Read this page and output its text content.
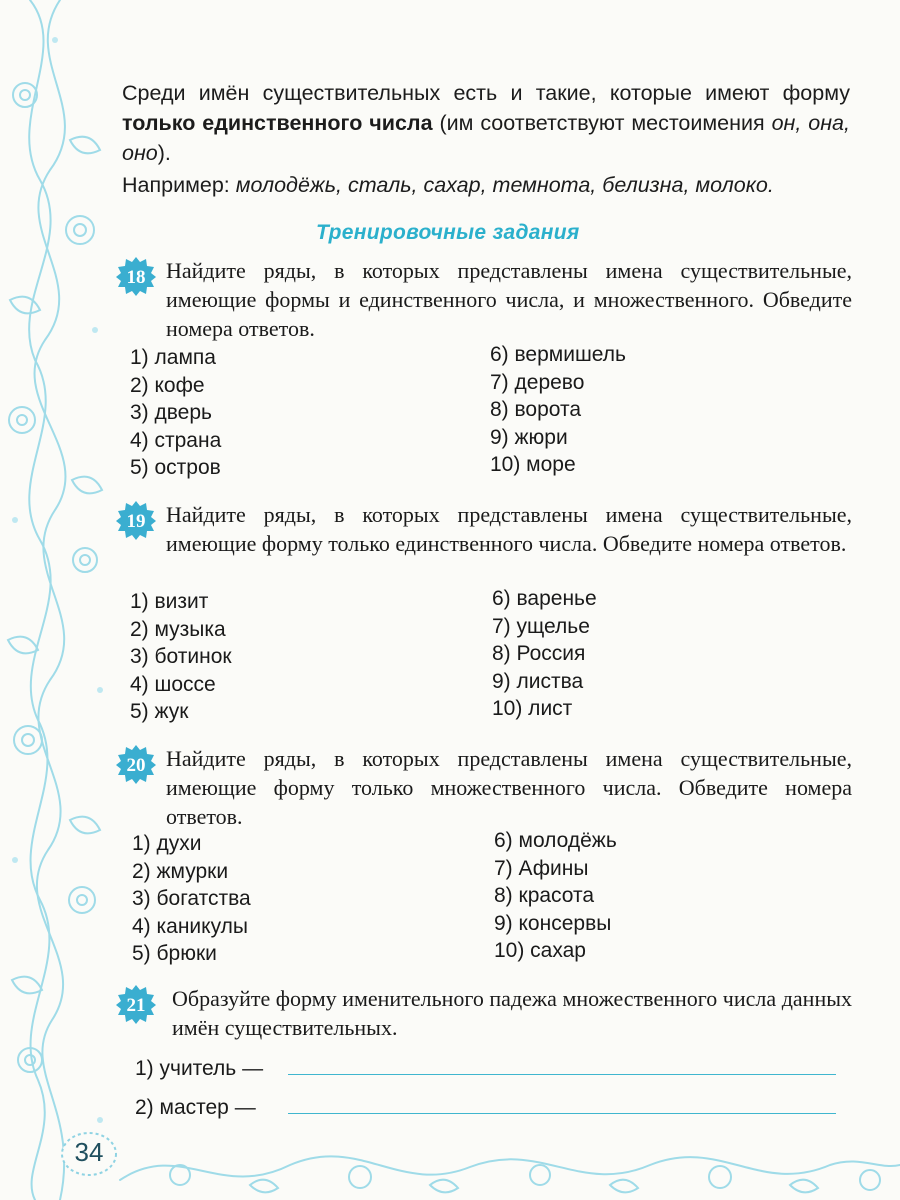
Среди имён существительных есть и такие, которые имеют форму только единственного числа (им соответствуют местоимения он, она, оно).

Например: молодёжь, сталь, сахар, темнота, белизна, молоко.

Тренировочные задания
18 Найдите ряды, в которых представлены имена существительные, имеющие формы и единственного числа, и множественного. Обведите номера ответов.
1) лампа
2) кофе
3) дверь
4) страна
5) остров
6) вермишель
7) дерево
8) ворота
9) жюри
10) море
19 Найдите ряды, в которых представлены имена существительные, имеющие форму только единственного числа. Обведите номера ответов.
1) визит
2) музыка
3) ботинок
4) шоссе
5) жук
6) варенье
7) ущелье
8) Россия
9) листва
10) лист
20 Найдите ряды, в которых представлены имена существительные, имеющие форму только множественного числа. Обведите номера ответов.
1) духи
2) жмурки
3) богатства
4) каникулы
5) брюки
6) молодёжь
7) Афины
8) красота
9) консервы
10) сахар
21 Образуйте форму именительного падежа множественного числа данных имён существительных.
1) учитель —
2) мастер —
34
